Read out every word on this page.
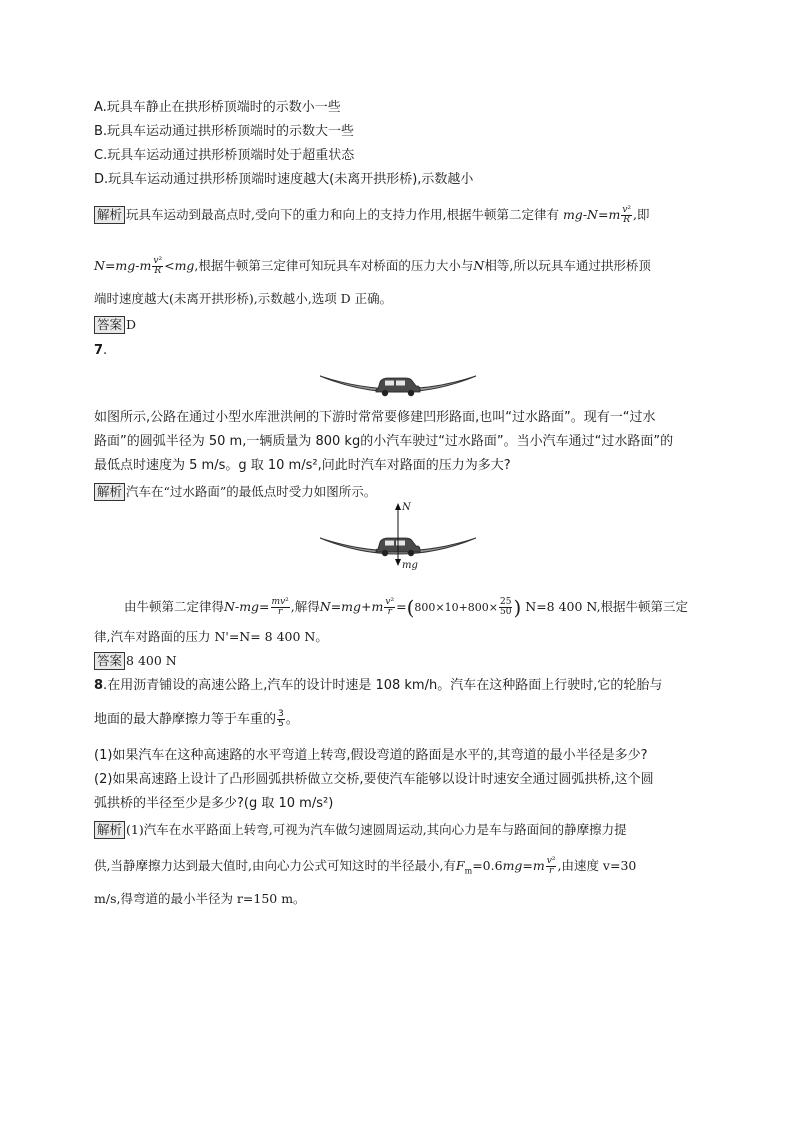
A.玩具车静止在拱形桥顶端时的示数小一些
B.玩具车运动通过拱形桥顶端时的示数大一些
C.玩具车运动通过拱形桥顶端时处于超重状态
D.玩具车运动通过拱形桥顶端时速度越大(未离开拱形桥),示数越小
解析 玩具车运动到最高点时,受向下的重力和向上的支持力作用,根据牛顿第二定律有 $mg-N=m \frac{\text{v²}}{R}$ ,即
$N=mg-m \frac{\text{v²}}{R} <mg$,根据牛顿第三定律可知玩具车对桥面的压力大小与N相等,所以玩具车通过拱形桥顶
端时速度越大(未离开拱形桥),示数越小,选项 D 正确。
答案 D
7.
如图所示,公路在通过小型水库泄洪闸的下游时常常要修建凹形路面,也叫“过水路面”。现有一“过水
路面”的圆弧半径为 50 m,一辆质量为 800 kg的小汽车驶过“过水路面”。当小汽车通过“过水路面”的
最低点时速度为 5 m/s。g 取 10 m/s²,问此时汽车对路面的压力为多大?
解析 汽车在“过水路面”的最低点时受力如图所示。
N
mg
由牛顿第二定律得$N-mg= \frac{\text{mv²}}{r}$ ,解得$N=mg+m \frac{\text{v²}}{r} =(800\times 10+800\times \frac{25}{50}$ ) N=8 400 N,根据牛顿第三定
律,汽车对路面的压力 N'=N= 8 400 N。
答案 8 400 N
8.在用沥青铺设的高速公路上,汽车的设计时速是 108 km/h。汽车在这种路面上行驶时,它的轮胎与
地面的最大静摩擦力等于车重的 $\frac{3}{5}$ 。
(1)如果汽车在这种高速路的水平弯道上转弯,假设弯道的路面是水平的,其弯道的最小半径是多少?
(2)如果高速路上设计了凸形圆弧拱桥做立交桥,要使汽车能够以设计时速安全通过圆弧拱桥,这个圆
弧拱桥的半径至少是多少?(g 取 10 m/s²)
解析 (1)汽车在水平路面上转弯,可视为汽车做匀速圆周运动,其向心力是车与路面间的静摩擦力提
供,当静摩擦力达到最大值时,由向心力公式可知这时的半径最小,有$F_m=0.6mg=m \frac{\text{v²}}{r}$ ,由速度 v=30
m/s,得弯道的最小半径为 r=150 m。
